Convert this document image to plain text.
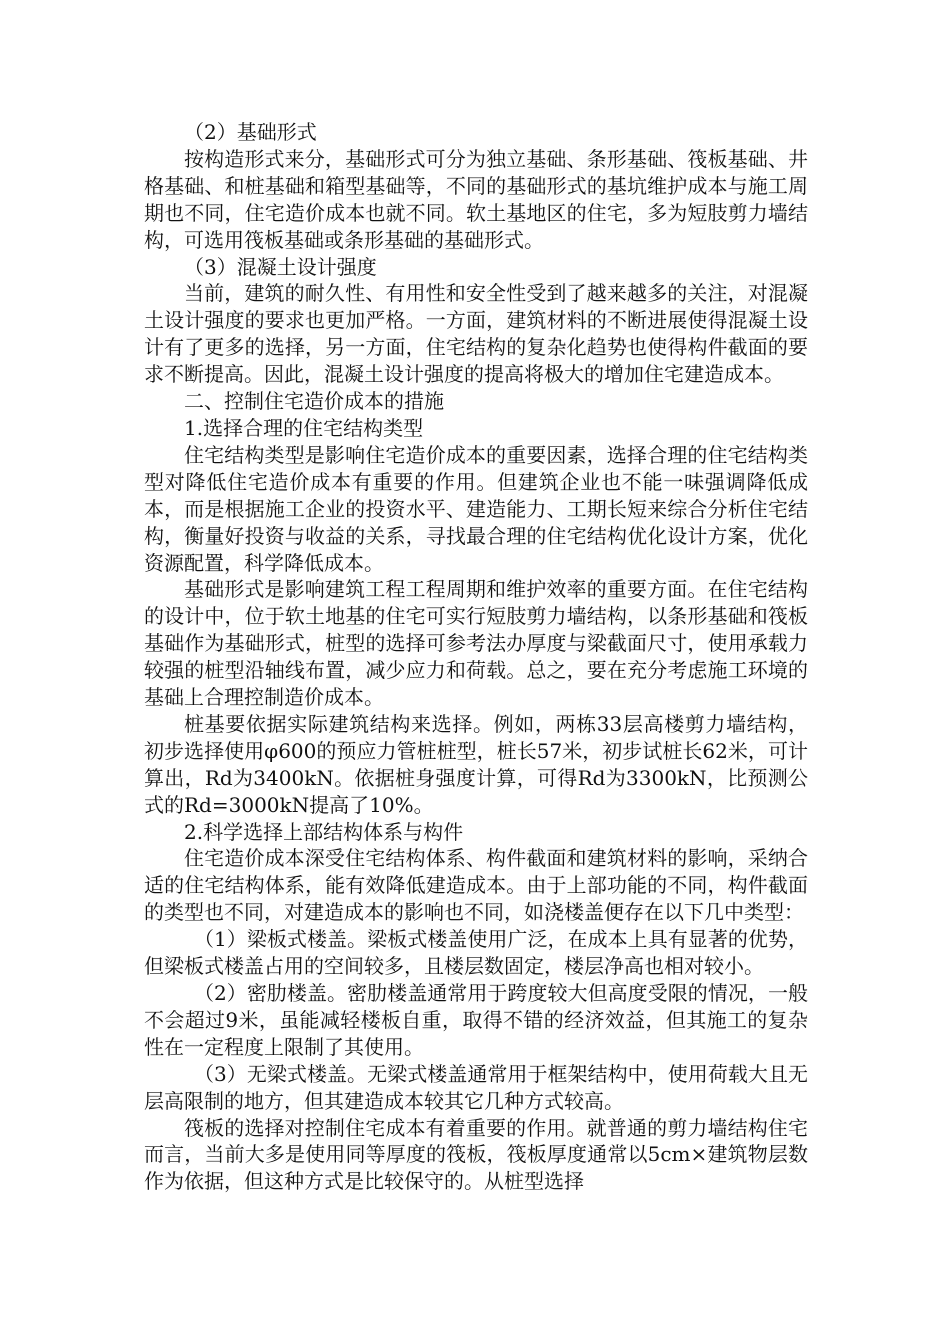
（2）基础形式

按构造形式来分，基础形式可分为独立基础、条形基础、筏板基础、井格基础、和桩基础和箱型基础等，不同的基础形式的基坑维护成本与施工周期也不同，住宅造价成本也就不同。软土基地区的住宅，多为短肢剪力墙结构，可选用筏板基础或条形基础的基础形式。

（3）混凝土设计强度

当前，建筑的耐久性、有用性和安全性受到了越来越多的关注，对混凝土设计强度的要求也更加严格。一方面，建筑材料的不断进展使得混凝土设计有了更多的选择，另一方面，住宅结构的复杂化趋势也使得构件截面的要求不断提高。因此，混凝土设计强度的提高将极大的增加住宅建造成本。

二、控制住宅造价成本的措施

1.选择合理的住宅结构类型

住宅结构类型是影响住宅造价成本的重要因素，选择合理的住宅结构类型对降低住宅造价成本有重要的作用。但建筑企业也不能一味强调降低成本，而是根据施工企业的投资水平、建造能力、工期长短来综合分析住宅结构，衡量好投资与收益的关系，寻找最合理的住宅结构优化设计方案，优化资源配置，科学降低成本。

基础形式是影响建筑工程工程周期和维护效率的重要方面。在住宅结构的设计中，位于软土地基的住宅可实行短肢剪力墙结构，以条形基础和筏板基础作为基础形式，桩型的选择可参考法办厚度与梁截面尺寸，使用承载力较强的桩型沿轴线布置，减少应力和荷载。总之，要在充分考虑施工环境的基础上合理控制造价成本。

桩基要依据实际建筑结构来选择。例如，两栋33层高楼剪力墙结构，初步选择使用φ600的预应力管桩桩型，桩长57米，初步试桩长62米，可计算出，Rd为3400kN。依据桩身强度计算，可得Rd为3300kN，比预测公式的Rd=3000kN提高了10%。

2.科学选择上部结构体系与构件

住宅造价成本深受住宅结构体系、构件截面和建筑材料的影响，采纳合适的住宅结构体系，能有效降低建造成本。由于上部功能的不同，构件截面的类型也不同，对建造成本的影响也不同，如浇楼盖便存在以下几中类型：

（1）梁板式楼盖。梁板式楼盖使用广泛，在成本上具有显著的优势，但梁板式楼盖占用的空间较多，且楼层数固定，楼层净高也相对较小。

（2）密肋楼盖。密肋楼盖通常用于跨度较大但高度受限的情况，一般不会超过9米，虽能减轻楼板自重，取得不错的经济效益，但其施工的复杂性在一定程度上限制了其使用。

（3）无梁式楼盖。无梁式楼盖通常用于框架结构中，使用荷载大且无层高限制的地方，但其建造成本较其它几种方式较高。

筏板的选择对控制住宅成本有着重要的作用。就普通的剪力墙结构住宅而言，当前大多是使用同等厚度的筏板，筏板厚度通常以5cm×建筑物层数作为依据，但这种方式是比较保守的。从桩型选择
